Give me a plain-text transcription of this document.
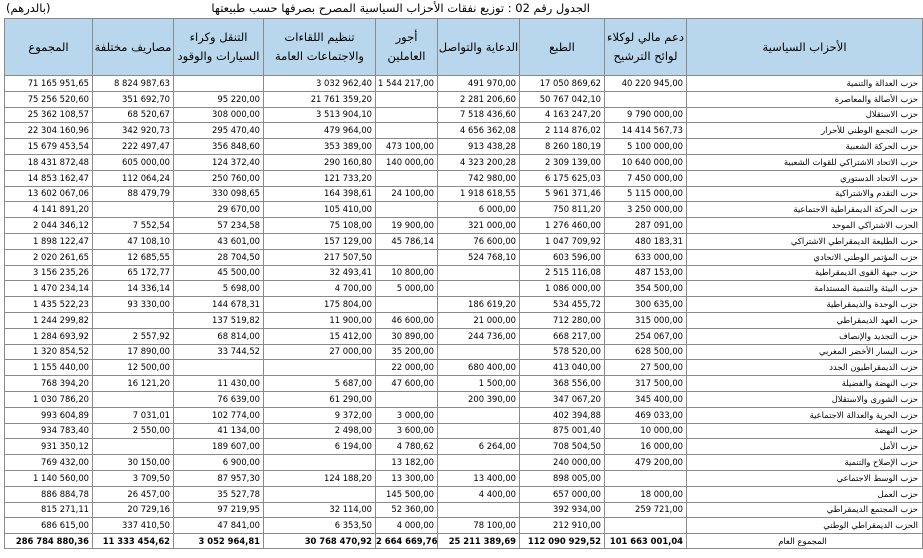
الجدول رقم 02 : توزيع نفقات الأحزاب السياسية المصرح بصرفها حسب طبيعتها
(بالدرهم)
الأحزاب السياسية	دعم مالي لوكلاء لوائح الترشيح	الطبع	الدعاية والتواصل	أجور العاملين	تنظيم اللقاءات والاجتماعات العامة	التنقل وكراء السيارات والوقود	مصاريف مختلفة	المجموع
حزب العدالة والتنمية	40 220 945,00	17 050 869,62	491 970,00	1 544 217,00	3 032 962,40		8 824 987,63	71 165 951,65
حزب الأصالة والمعاصرة		50 767 042,10	2 281 206,60		21 761 359,20	95 220,00	351 692,70	75 256 520,60
حزب الاستقلال	9 790 000,00	4 163 247,20	7 518 436,60		3 513 904,10	308 000,00	68 520,67	25 362 108,57
حزب التجمع الوطني للأحرار	14 414 567,73	2 114 876,02	4 656 362,08		479 964,00	295 470,40	342 920,73	22 304 160,96
حزب الحركة الشعبية	5 100 000,00	8 260 180,19	913 438,28	473 100,00	353 389,00	356 848,60	222 497,47	15 679 453,54
حزب الاتحاد الاشتراكي للقوات الشعبية	10 640 000,00	2 309 139,00	4 323 200,28	140 000,00	290 160,80	124 372,40	605 000,00	18 431 872,48
حزب الاتحاد الدستوري	7 450 000,00	6 175 625,03	742 980,00		121 733,20	250 760,00	112 064,24	14 853 162,47
حزب التقدم والاشتراكية	5 115 000,00	5 961 371,46	1 918 618,55	24 100,00	164 398,61	330 098,65	88 479,79	13 602 067,06
حزب الحركة الديمقراطية الاجتماعية	3 250 000,00	750 811,20	6 000,00		105 410,00	29 670,00		4 141 891,20
الحزب الاشتراكي الموحد	287 091,00	1 276 460,00	321 000,00	19 900,00	75 108,00	57 234,58	7 552,54	2 044 346,12
حزب الطليعة الديمقراطي الاشتراكي	480 183,31	1 047 709,92	76 600,00	45 786,14	157 129,00	43 601,00	47 108,10	1 898 122,47
حزب المؤتمر الوطني الاتحادي	633 000,00	603 596,00	524 768,10		217 507,50	28 704,50	12 685,55	2 020 261,65
حزب جبهة القوى الديمقراطية	487 153,00	2 515 116,08		10 800,00	32 493,41	45 500,00	65 172,77	3 156 235,26
حزب البيئة والتنمية المستدامة	354 500,00	1 086 000,00		5 000,00	4 700,00	5 698,00	14 336,14	1 470 234,14
حزب الوحدة والديمقراطية	300 635,00	534 455,72	186 619,20		175 804,00	144 678,31	93 330,00	1 435 522,23
حزب العهد الديمقراطي	315 000,00	712 280,00	21 000,00	46 600,00	11 900,00	137 519,82		1 244 299,82
حزب التجديد والإنصاف	254 067,00	668 217,00	244 736,00	30 890,00	15 412,00	68 814,00	2 557,92	1 284 693,92
حزب اليسار الأخضر المغربي	628 500,00	578 520,00		35 200,00	27 000,00	33 744,52	17 890,00	1 320 854,52
حزب الديمقراطيون الجدد	27 500,00	413 040,00	680 400,00	22 000,00			12 500,00	1 155 440,00
حزب النهضة والفضيلة	317 500,00	368 556,00	1 500,00	47 600,00	5 687,00	11 430,00	16 121,20	768 394,20
حزب الشورى والاستقلال	345 400,00	347 067,20	200 390,00		61 290,00	76 639,00		1 030 786,20
حزب الحرية والعدالة الاجتماعية	469 033,00	402 394,88		3 000,00	9 372,00	102 774,00	7 031,01	993 604,89
حزب النهضة	10 000,00	875 001,40		3 600,00	2 498,00	41 134,00	2 550,00	934 783,40
حزب الأمل	16 000,00	708 504,50	6 264,00	4 780,62	6 194,00	189 607,00		931 350,12
حزب الإصلاح والتنمية	479 200,00	240 000,00		13 182,00		6 900,00	30 150,00	769 432,00
حزب الوسط الاجتماعي		898 005,00	13 400,00	13 300,00	124 188,20	87 957,30	3 709,50	1 140 560,00
حزب العمل	18 000,00	657 000,00	4 400,00	145 500,00		35 527,78	26 457,00	886 884,78
حزب المجتمع الديمقراطي	259 721,00	392 934,00		52 360,00	32 114,00	97 219,95	20 729,16	815 271,11
الحزب الديمقراطي الوطني		212 910,00	78 100,00	4 000,00	6 353,50	47 841,00	337 410,50	686 615,00
المجموع العام	101 663 001,04	112 090 929,52	25 211 389,69	2 664 669,76	30 768 470,92	3 052 964,81	11 333 454,62	286 784 880,36
